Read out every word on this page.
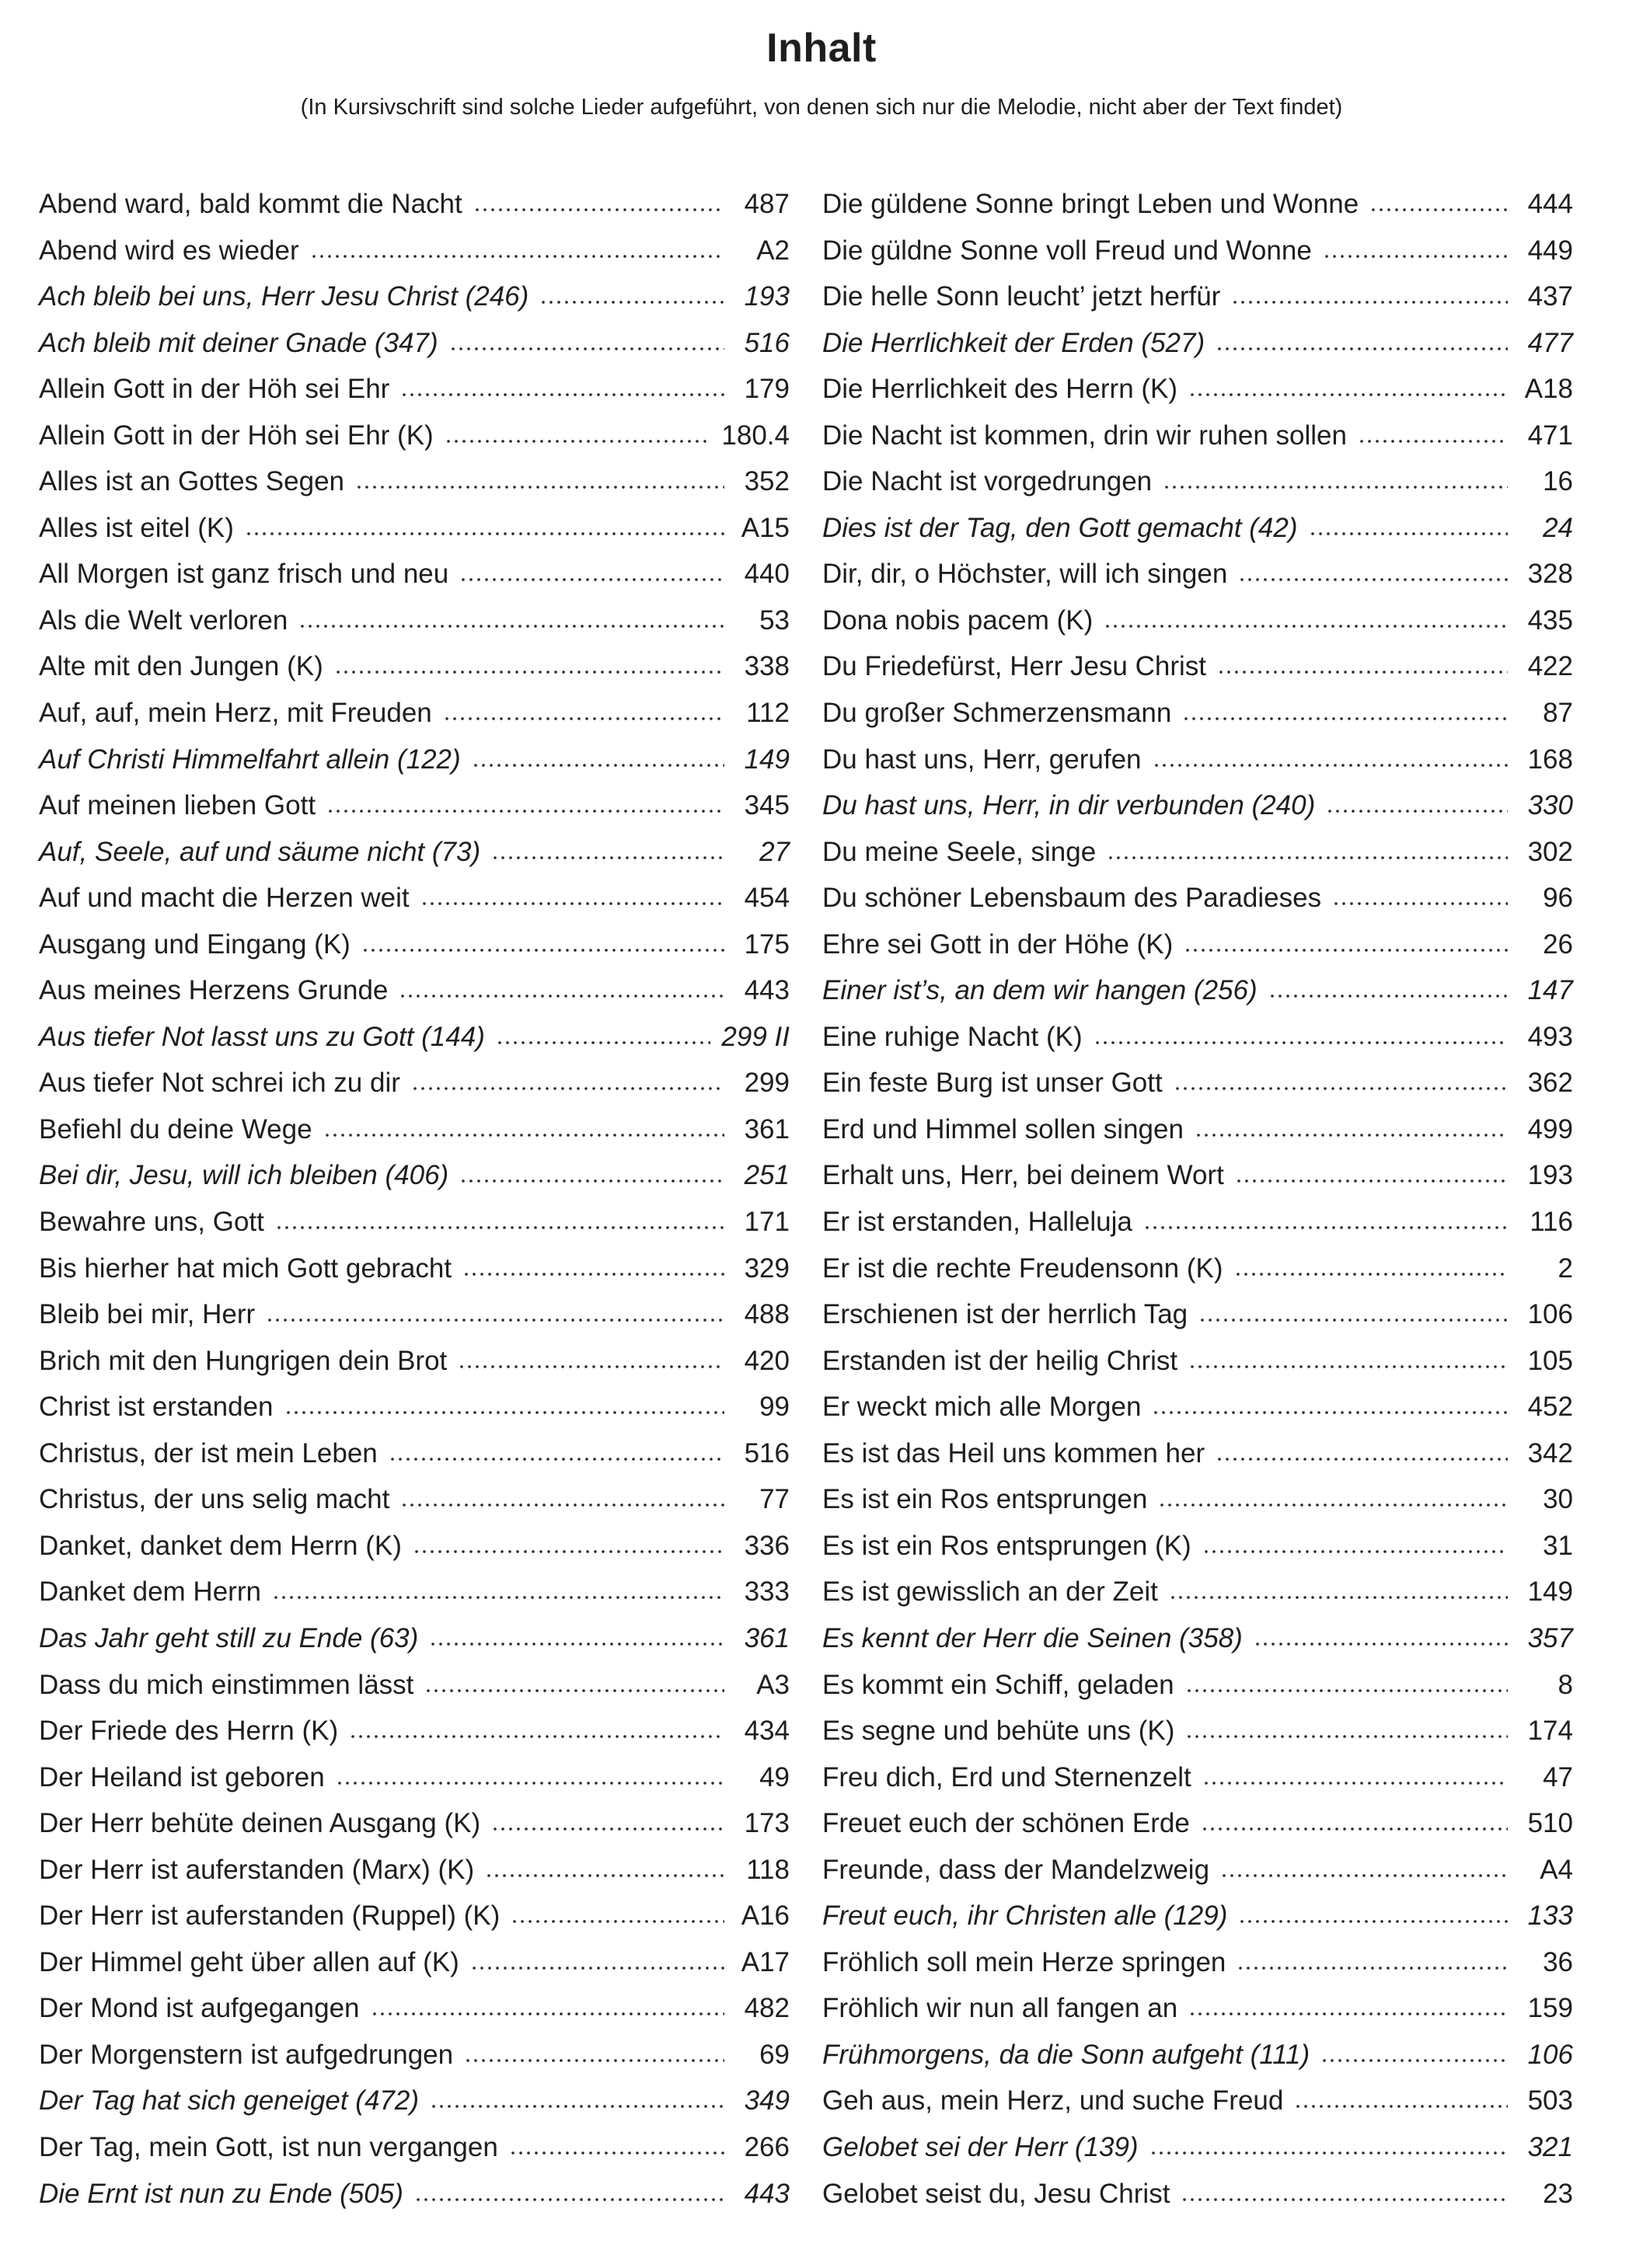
Inhalt
(In Kursivschrift sind solche Lieder aufgeführt, von denen sich nur die Melodie, nicht aber der Text findet)
Abend ward, bald kommt die Nacht	487
Abend wird es wieder	A2
Ach bleib bei uns, Herr Jesu Christ (246)	193
Ach bleib mit deiner Gnade (347)	516
Allein Gott in der Höh sei Ehr	179
Allein Gott in der Höh sei Ehr (K)	180.4
Alles ist an Gottes Segen	352
Alles ist eitel (K)	A15
All Morgen ist ganz frisch und neu	440
Als die Welt verloren	53
Alte mit den Jungen (K)	338
Auf, auf, mein Herz, mit Freuden	112
Auf Christi Himmelfahrt allein (122)	149
Auf meinen lieben Gott	345
Auf, Seele, auf und säume nicht (73)	27
Auf und macht die Herzen weit	454
Ausgang und Eingang (K)	175
Aus meines Herzens Grunde	443
Aus tiefer Not lasst uns zu Gott (144)	299 II
Aus tiefer Not schrei ich zu dir	299
Befiehl du deine Wege	361
Bei dir, Jesu, will ich bleiben (406)	251
Bewahre uns, Gott	171
Bis hierher hat mich Gott gebracht	329
Bleib bei mir, Herr	488
Brich mit den Hungrigen dein Brot	420
Christ ist erstanden	99
Christus, der ist mein Leben	516
Christus, der uns selig macht	77
Danket, danket dem Herrn (K)	336
Danket dem Herrn	333
Das Jahr geht still zu Ende (63)	361
Dass du mich einstimmen lässt	A3
Der Friede des Herrn (K)	434
Der Heiland ist geboren	49
Der Herr behüte deinen Ausgang (K)	173
Der Herr ist auferstanden (Marx) (K)	118
Der Herr ist auferstanden (Ruppel) (K)	A16
Der Himmel geht über allen auf (K)	A17
Der Mond ist aufgegangen	482
Der Morgenstern ist aufgedrungen	69
Der Tag hat sich geneiget (472)	349
Der Tag, mein Gott, ist nun vergangen	266
Die Ernt ist nun zu Ende (505)	443
Die güldene Sonne bringt Leben und Wonne	444
Die güldne Sonne voll Freud und Wonne	449
Die helle Sonn leucht’ jetzt herfür	437
Die Herrlichkeit der Erden (527)	477
Die Herrlichkeit des Herrn (K)	A18
Die Nacht ist kommen, drin wir ruhen sollen	471
Die Nacht ist vorgedrungen	16
Dies ist der Tag, den Gott gemacht (42)	24
Dir, dir, o Höchster, will ich singen	328
Dona nobis pacem (K)	435
Du Friedefürst, Herr Jesu Christ	422
Du großer Schmerzensmann	87
Du hast uns, Herr, gerufen	168
Du hast uns, Herr, in dir verbunden (240)	330
Du meine Seele, singe	302
Du schöner Lebensbaum des Paradieses	96
Ehre sei Gott in der Höhe (K)	26
Einer ist’s, an dem wir hangen (256)	147
Eine ruhige Nacht (K)	493
Ein feste Burg ist unser Gott	362
Erd und Himmel sollen singen	499
Erhalt uns, Herr, bei deinem Wort	193
Er ist erstanden, Halleluja	116
Er ist die rechte Freudensonn (K)	2
Erschienen ist der herrlich Tag	106
Erstanden ist der heilig Christ	105
Er weckt mich alle Morgen	452
Es ist das Heil uns kommen her	342
Es ist ein Ros entsprungen	30
Es ist ein Ros entsprungen (K)	31
Es ist gewisslich an der Zeit	149
Es kennt der Herr die Seinen (358)	357
Es kommt ein Schiff, geladen	8
Es segne und behüte uns (K)	174
Freu dich, Erd und Sternenzelt	47
Freuet euch der schönen Erde	510
Freunde, dass der Mandelzweig	A4
Freut euch, ihr Christen alle (129)	133
Fröhlich soll mein Herze springen	36
Fröhlich wir nun all fangen an	159
Frühmorgens, da die Sonn aufgeht (111)	106
Geh aus, mein Herz, und suche Freud	503
Gelobet sei der Herr (139)	321
Gelobet seist du, Jesu Christ	23
